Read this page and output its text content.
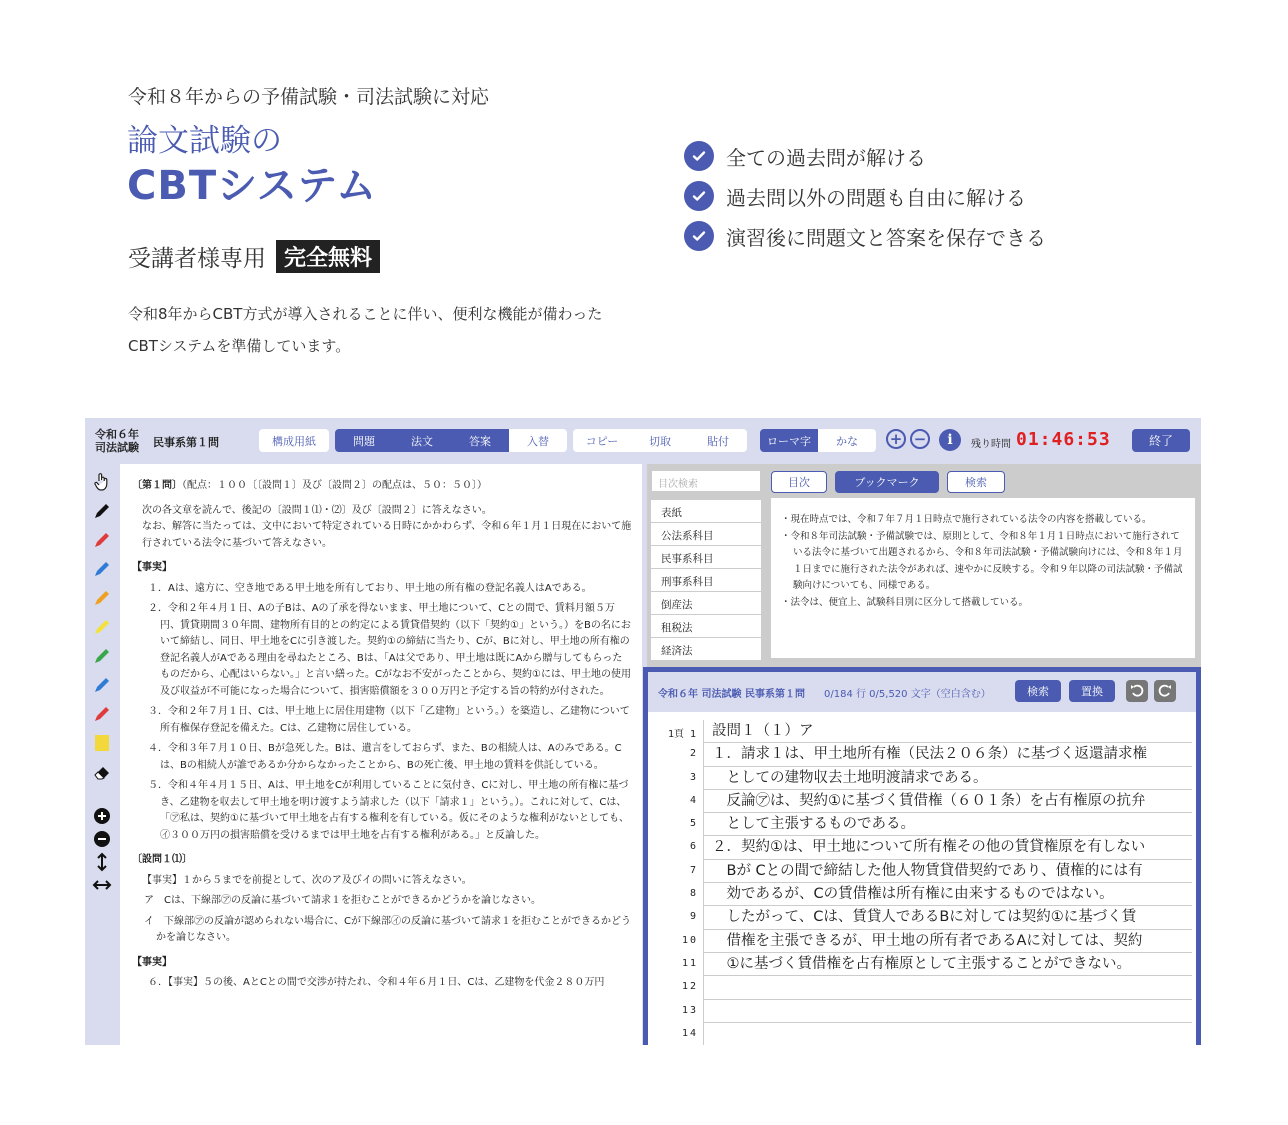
令和８年からの予備試験・司法試験に対応
論文試験の
CBTシステム
受講者様専用 完全無料
令和8年からCBT方式が導入されることに伴い、便利な機能が備わったCBTシステムを準備しています。
全ての過去問が解ける
過去問以外の問題も自由に解ける
演習後に問題文と答案を保存できる
令和６年
司法試験 民事系第１問	構成用紙	問題	法文	答案	入替	コピー	切取	貼付	ローマ字	かな	+ −	i	残り時間 01:46:53	終了

〔第１問〕（配点：１００〔〔設問１〕及び〔設問２〕の配点は、５０：５０〕）

次の各文章を読んで、後記の〔設問１⑴・⑵〕及び〔設問２〕に答えなさい。

なお、解答に当たっては、文中において特定されている日時にかかわらず、令和６年１月１日現在において施行されている法令に基づいて答えなさい。

【事実】

１．Aは、遠方に、空き地である甲土地を所有しており、甲土地の所有権の登記名義人はAである。

２．令和２年４月１日、Aの子Bは、Aの了承を得ないまま、甲土地について、Cとの間で、賃料月額５万円、賃貸期間３０年間、建物所有目的との約定による賃貸借契約（以下「契約①」という。）をBの名において締結し、同日、甲土地をCに引き渡した。契約①の締結に当たり、Cが、Bに対し、甲土地の所有権の登記名義人がAである理由を尋ねたところ、Bは、「Aは父であり、甲土地は既にAから贈与してもらったものだから、心配はいらない。」と言い繕った。Cがなお不安がったことから、契約①には、甲土地の使用及び収益が不可能になった場合について、損害賠償額を３００万円と予定する旨の特約が付された。

３．令和２年７月１日、Cは、甲土地上に居住用建物（以下「乙建物」という。）を築造し、乙建物について所有権保存登記を備えた。Cは、乙建物に居住している。

４．令和３年７月１０日、Bが急死した。Bは、遺言をしておらず、また、Bの相続人は、Aのみである。Cは、Bの相続人が誰であるか分からなかったことから、Bの死亡後、甲土地の賃料を供託している。

５．令和４年４月１５日、Aは、甲土地をCが利用していることに気付き、Cに対し、甲土地の所有権に基づき、乙建物を収去して甲土地を明け渡すよう請求した（以下「請求１」という。）。これに対して、Cは、「㋐私は、契約①に基づいて甲土地を占有する権利を有している。仮にそのような権利がないとしても、㋑３００万円の損害賠償を受けるまでは甲土地を占有する権利がある。」と反論した。

〔設問１⑴〕

【事実】１から５までを前提として、次のア及びイの問いに答えなさい。

ア　Cは、下線部㋐の反論に基づいて請求１を拒むことができるかどうかを論じなさい。

イ　下線部㋐の反論が認められない場合に、Cが下線部㋑の反論に基づいて請求１を拒むことができるかどうかを論じなさい。

【事実】

６．【事実】５の後、AとCとの間で交渉が持たれ、令和４年６月１日、Cは、乙建物を代金２８０万円

目次検索
表紙
公法系科目
民事系科目
刑事系科目
倒産法
租税法
経済法
目次	ブックマーク	検索
・現在時点では、令和７年７月１日時点で施行されている法令の内容を搭載している。
・令和８年司法試験・予備試験では、原則として、令和８年１月１日時点において施行されている法令に基づいて出題されるから、令和８年司法試験・予備試験向けには、令和８年１月１日までに施行された法令があれば、速やかに反映する。令和９年以降の司法試験・予備試験向けについても、同様である。
・法令は、便宜上、試験科目別に区分して搭載している。
令和６年 司法試験 民事系第１問 0/184 行 0/5,520 文字（空白含む）	検索	置換
1頁 1 設問１（１）ア
2 １．請求１は、甲土地所有権（民法２０６条）に基づく返還請求権
3 　としての建物収去土地明渡請求である。
4 　反論㋐は、契約①に基づく賃借権（６０１条）を占有権原の抗弁
5 　として主張するものである。
6 ２．契約①は、甲土地について所有権その他の賃貸権原を有しない
7 　Bが Cとの間で締結した他人物賃貸借契約であり、債権的には有
8 　効であるが、Cの賃借権は所有権に由来するものではない。
9 　したがって、Cは、賃貸人であるBに対しては契約①に基づく賃
10 　借権を主張できるが、甲土地の所有者であるAに対しては、契約
11 　①に基づく賃借権を占有権原として主張することができない。
12
13
14
